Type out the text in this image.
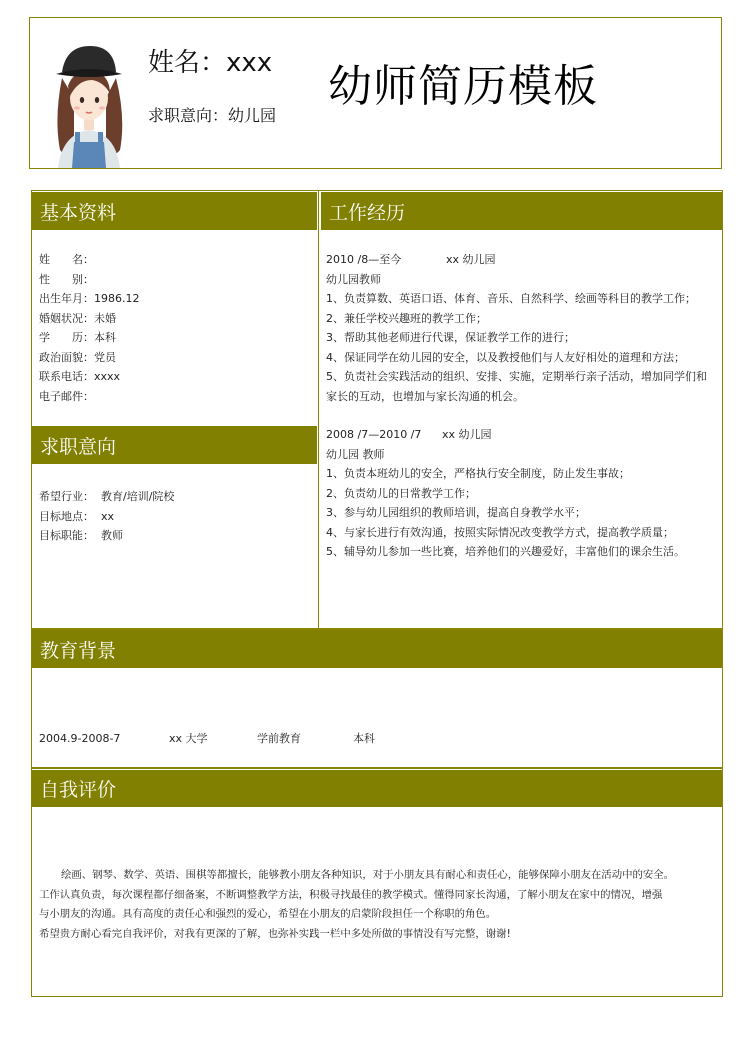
姓名：xxx
求职意向：幼儿园
幼师简历模板
基本资料	工作经历
姓　　名：
性　　别：
出生年月： 1986.12
婚姻状况： 未婚
学　　历： 本科
政治面貌： 党员
联系电话： xxxx
电子邮件：
求职意向
希望行业： 教育/培训/院校
目标地点： xx
目标职能： 教师
2010 /8—至今	xx 幼儿园
幼儿园教师
1、负责算数、英语口语、体育、音乐、自然科学、绘画等科目的教学工作；
2、兼任学校兴趣班的教学工作；
3、帮助其他老师进行代课，保证教学工作的进行；
4、保证同学在幼儿园的安全，以及教授他们与人友好相处的道理和方法；
5、负责社会实践活动的组织、安排、实施，定期举行亲子活动，增加同学们和
家长的互动，也增加与家长沟通的机会。
2008 /7—2010 /7	xx 幼儿园
幼儿园 教师
1、负责本班幼儿的安全，严格执行安全制度，防止发生事故；
2、负责幼儿的日常教学工作；
3、参与幼儿园组织的教师培训，提高自身教学水平；
4、与家长进行有效沟通，按照实际情况改变教学方式，提高教学质量；
5、辅导幼儿参加一些比赛，培养他们的兴趣爱好，丰富他们的课余生活。
教育背景
2004.9-2008-7	xx 大学	学前教育	本科
自我评价
绘画、钢琴、数学、英语、围棋等都擅长，能够教小朋友各种知识，对于小朋友具有耐心和责任心，能够保障小朋友在活动中的安全。
工作认真负责，每次课程都仔细备案，不断调整教学方法，积极寻找最佳的教学模式。懂得同家长沟通，了解小朋友在家中的情况，增强
与小朋友的沟通。具有高度的责任心和强烈的爱心，希望在小朋友的启蒙阶段担任一个称职的角色。
希望贵方耐心看完自我评价，对我有更深的了解，也弥补实践一栏中多处所做的事情没有写完整，谢谢!
